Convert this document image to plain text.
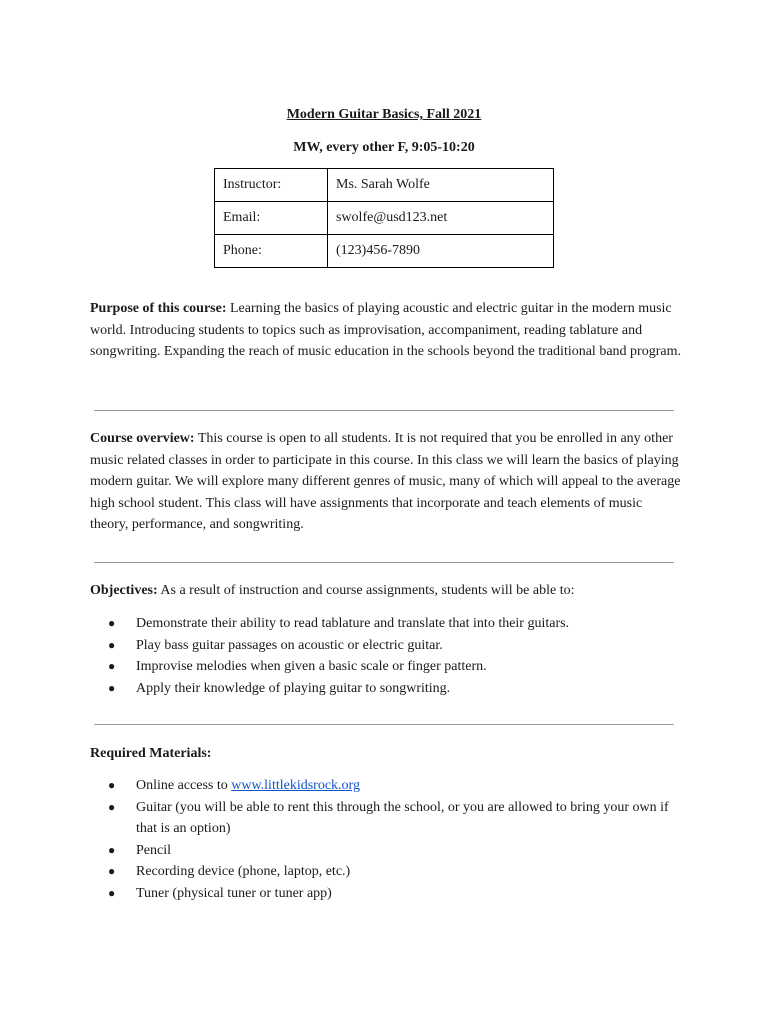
Modern Guitar Basics, Fall 2021
MW, every other F, 9:05-10:20
Instructor:	Ms. Sarah Wolfe
Email:	swolfe@usd123.net
Phone:	(123)456-7890
Purpose of this course: Learning the basics of playing acoustic and electric guitar in the modern music world. Introducing students to topics such as improvisation, accompaniment, reading tablature and songwriting. Expanding the reach of music education in the schools beyond the traditional band program.
Course overview: This course is open to all students. It is not required that you be enrolled in any other music related classes in order to participate in this course. In this class we will learn the basics of playing modern guitar. We will explore many different genres of music, many of which will appeal to the average high school student. This class will have assignments that incorporate and teach elements of music theory, performance, and songwriting.
Objectives: As a result of instruction and course assignments, students will be able to:
● Demonstrate their ability to read tablature and translate that into their guitars.
● Play bass guitar passages on acoustic or electric guitar.
● Improvise melodies when given a basic scale or finger pattern.
● Apply their knowledge of playing guitar to songwriting.
Required Materials:
● Online access to www.littlekidsrock.org
● Guitar (you will be able to rent this through the school, or you are allowed to bring your own if that is an option)
● Pencil
● Recording device (phone, laptop, etc.)
● Tuner (physical tuner or tuner app)
